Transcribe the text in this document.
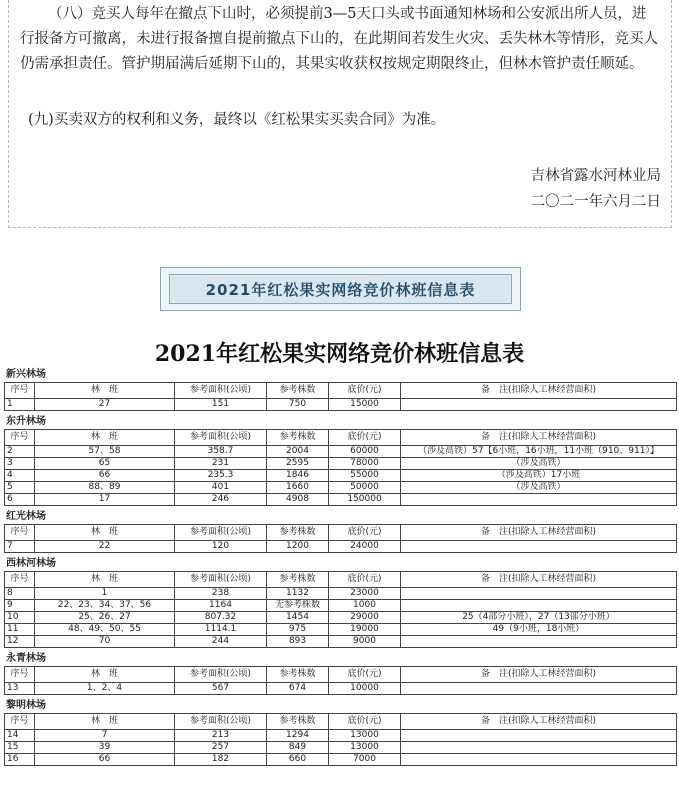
（八）竞买人每年在撤点下山时，必须提前3—5天口头或书面通知林场和公安派出所人员，进行报备方可撤离，未进行报备擅自提前撤点下山的，在此期间若发生火灾、丢失林木等情形，竞买人仍需承担责任。管护期届满后延期下山的，其果实收获权按规定期限终止，但林木管护责任顺延。

(九)买卖双方的权利和义务，最终以《红松果实买卖合同》为准。

吉林省露水河林业局

二〇二一年六月二日

2021年红松果实网络竞价林班信息表
2021年红松果实网络竞价林班信息表
新兴林场
序号	林　班	参考面积(公顷)	参考株数	底价(元)	备　注(扣除人工林经营面积)
1	27	151	750	15000	
东升林场
序号	林　班	参考面积(公顷)	参考株数	底价(元)	备　注(扣除人工林经营面积)
2	57、58	358.7	2004	60000	（涉及高铁）57【6小班，16小班，11小班（910、911）】
3	65	231	2595	78000	（涉及高铁）
4	66	235.3	1846	55000	（涉及高铁）17小班
5	88、89	401	1660	50000	（涉及高铁）
6	17	246	4908	150000	
红光林场
序号	林　班	参考面积(公顷)	参考株数	底价(元)	备　注(扣除人工林经营面积)
7	22	120	1200	24000	
西林河林场
序号	林　班	参考面积(公顷)	参考株数	底价(元)	备　注(扣除人工林经营面积)
8	1	238	1132	23000	
9	22、23、34、37、56	1164	无参考株数	1000	
10	25、26、27	807.32	1454	29000	25（4部分小班），27（13部分小班）
11	48、49、50、55	1114.1	975	19000	49（9小班，18小班）
12	70	244	893	9000	
永青林场
序号	林　班	参考面积(公顷)	参考株数	底价(元)	备　注(扣除人工林经营面积)
13	1、2、4	567	674	10000	
黎明林场
序号	林　班	参考面积(公顷)	参考株数	底价(元)	备　注(扣除人工林经营面积)
14	7	213	1294	13000	
15	39	257	849	13000	
16	66	182	660	7000	
